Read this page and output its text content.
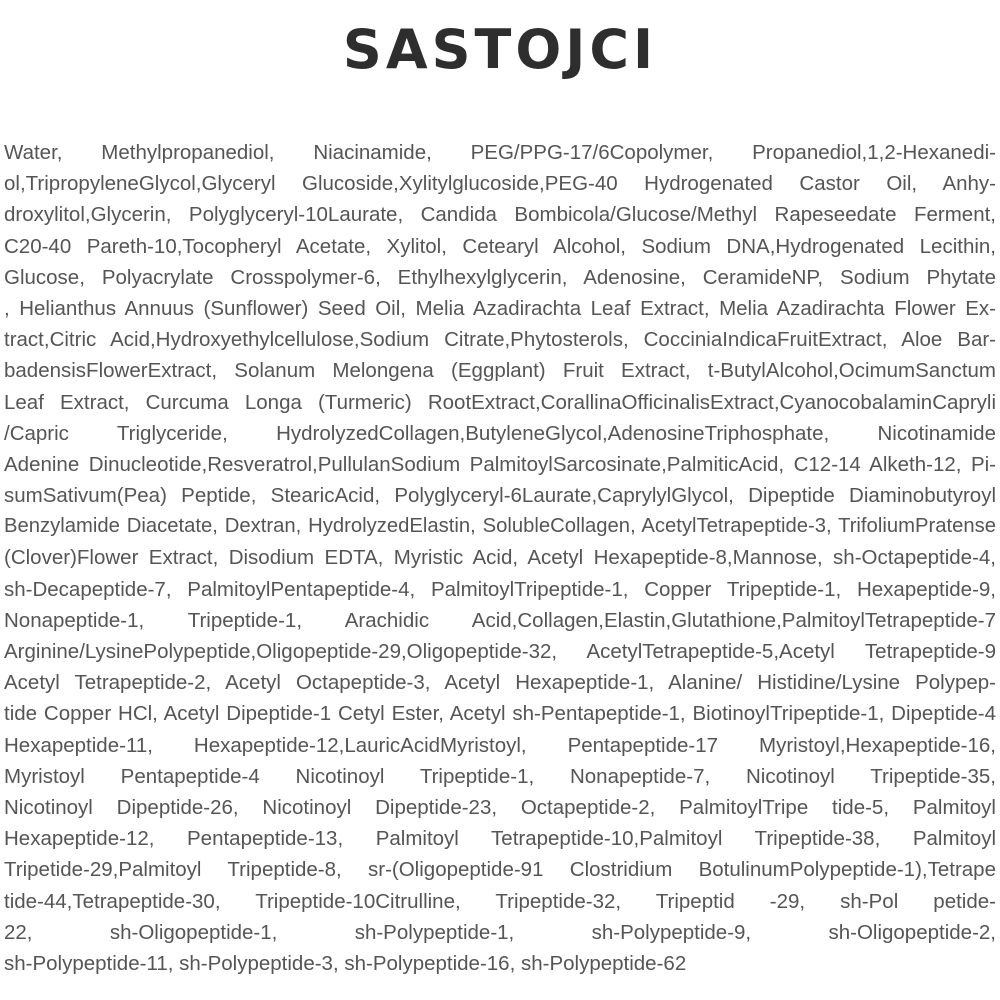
SASTOJCI
Water, Methylpropanediol, Niacinamide, PEG/PPG-17/6Copolymer, Propanediol,1,2-Hexanedi-
ol,TripropyleneGlycol,Glyceryl Glucoside,Xylitylglucoside,PEG-40 Hydrogenated Castor Oil, Anhy-
droxylitol,Glycerin, Polyglyceryl-10Laurate, Candida Bombicola/Glucose/Methyl Rapeseedate Ferment,
C20-40 Pareth-10,Tocopheryl Acetate, Xylitol, Cetearyl Alcohol, Sodium DNA,Hydrogenated Lecithin,
Glucose, Polyacrylate Crosspolymer-6, Ethylhexylglycerin, Adenosine, CeramideNP, Sodium Phytate
, Helianthus Annuus (Sunflower) Seed Oil, Melia Azadirachta Leaf Extract, Melia Azadirachta Flower Ex-
tract,Citric Acid,Hydroxyethylcellulose,Sodium Citrate,Phytosterols, CocciniaIndicaFruitExtract, Aloe Bar-
badensisFlowerExtract, Solanum Melongena (Eggplant) Fruit Extract, t-ButylAlcohol,OcimumSanctum
Leaf Extract, Curcuma Longa (Turmeric) RootExtract,CorallinaOfficinalisExtract,CyanocobalaminCapryli
/Capric Triglyceride, HydrolyzedCollagen,ButyleneGlycol,AdenosineTriphosphate, Nicotinamide
Adenine Dinucleotide,Resveratrol,PullulanSodium PalmitoylSarcosinate,PalmiticAcid, C12-14 Alketh-12, Pi-
sumSativum(Pea) Peptide, StearicAcid, Polyglyceryl-6Laurate,CaprylylGlycol, Dipeptide Diaminobutyroyl
Benzylamide Diacetate, Dextran, HydrolyzedElastin, SolubleCollagen, AcetylTetrapeptide-3, TrifoliumPratense
(Clover)Flower Extract, Disodium EDTA, Myristic Acid, Acetyl Hexapeptide-8,Mannose, sh-Octapeptide-4,
sh-Decapeptide-7, PalmitoylPentapeptide-4, PalmitoylTripeptide-1, Copper Tripeptide-1, Hexapeptide-9,
Nonapeptide-1, Tripeptide-1, Arachidic Acid,Collagen,Elastin,Glutathione,PalmitoylTetrapeptide-7
Arginine/LysinePolypeptide,Oligopeptide-29,Oligopeptide-32, AcetylTetrapeptide-5,Acetyl Tetrapeptide-9
Acetyl Tetrapeptide-2, Acetyl Octapeptide-3, Acetyl Hexapeptide-1, Alanine/ Histidine/Lysine Polypep-
tide Copper HCl, Acetyl Dipeptide-1 Cetyl Ester, Acetyl sh-Pentapeptide-1, BiotinoylTripeptide-1, Dipeptide-4
Hexapeptide-11, Hexapeptide-12,LauricAcidMyristoyl, Pentapeptide-17 Myristoyl,Hexapeptide-16,
Myristoyl Pentapeptide-4 Nicotinoyl Tripeptide-1, Nonapeptide-7, Nicotinoyl Tripeptide-35,
Nicotinoyl Dipeptide-26, Nicotinoyl Dipeptide-23, Octapeptide-2, PalmitoylTripe tide-5, Palmitoyl
Hexapeptide-12, Pentapeptide-13, Palmitoyl Tetrapeptide-10,Palmitoyl Tripeptide-38, Palmitoyl
Tripetide-29,Palmitoyl Tripeptide-8, sr-(Oligopeptide-91 Clostridium BotulinumPolypeptide-1),Tetrape
tide-44,Tetrapeptide-30, Tripeptide-10Citrulline, Tripeptide-32, Tripeptid -29, sh-Pol petide-
22, sh-Oligopeptide-1, sh-Polypeptide-1, sh-Polypeptide-9, sh-Oligopeptide-2,
sh-Polypeptide-11, sh-Polypeptide-3, sh-Polypeptide-16, sh-Polypeptide-62
